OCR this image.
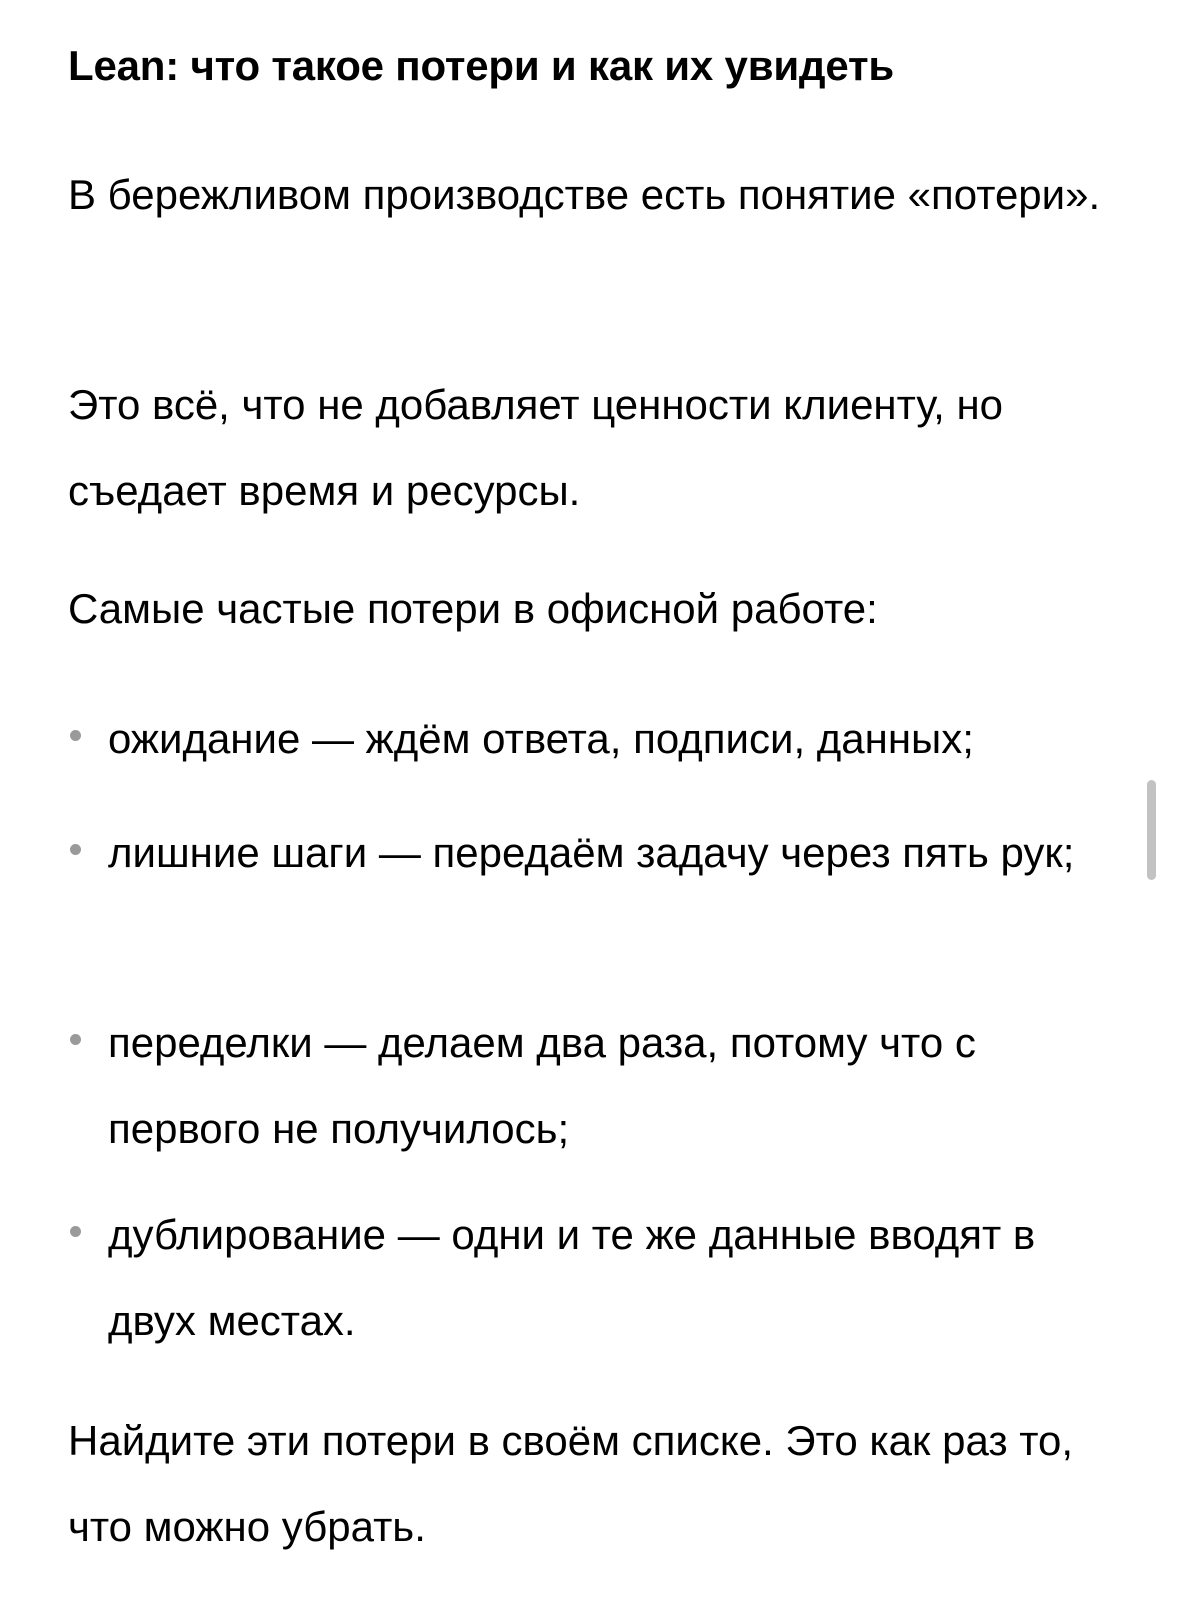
Lean: что такое потери и как их увидеть

В бережливом производстве есть понятие «потери».

Это всё, что не добавляет ценности клиенту, но съедает время и ресурсы.

Самые частые потери в офисной работе:

ожидание — ждём ответа, подписи, данных;

лишние шаги — передаём задачу через пять рук;

переделки — делаем два раза, потому что с первого не получилось;

дублирование — одни и те же данные вводят в двух местах.

Найдите эти потери в своём списке. Это как раз то, что можно убрать.
